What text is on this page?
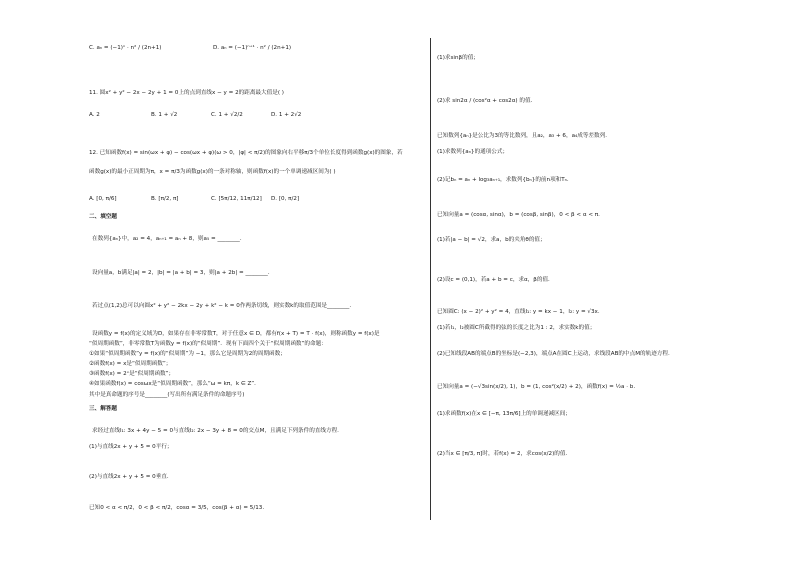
C. aₙ = (−1)ⁿ · n² / (2n+1)	D. aₙ = (−1)ⁿ⁺¹ · n² / (2n+1)
11. 圆x² + y² − 2x − 2y + 1 = 0上的点到直线x − y = 2的距离最大值是( )
A. 2	B. 1 + √2	C. 1 + √2/2	D. 1 + 2√2
12. 已知函数f(x) = sin(ωx + φ) − cos(ωx + φ)(ω > 0，|φ| < π/2)的图象向右平移π/3个单位长度得到函数g(x)的图象，若
函数g(x)的最小正周期为π，x = π/3为函数g(x)的一条对称轴，则函数f(x)的一个单调递减区间为( )
A. [0, π/6]	B. [π/2, π]	C. [5π/12, 11π/12] D. [0, π/2]
二、填空题
在数列{aₙ}中，a₂ = 4，aₙ₊₁ = aₙ + 8，则a₅ = ________.
设向量a，b满足|a| = 2，|b| = |a + b| = 3，则|a + 2b| = ________.
若过点(1,2)总可以向圆x² + y² − 2kx − 2y + k² − k = 0作两条切线，则实数k的取值范围是________.
设函数y = f(x)的定义域为D，如果存在非零常数T，对于任意x ∈ D，都有f(x + T) = T · f(x)，则称函数y = f(x)是
“似周期函数”，非零常数T为函数y = f(x)的“似周期”．现有下面四个关于“似周期函数”的命题：
①如果“似周期函数”y = f(x)的“似周期”为 −1，那么它是周期为2的周期函数；
②函数f(x) = x是“似周期函数”；
③函数f(x) = 2ˣ是“似周期函数”；
④如果函数f(x) = cosωx是“似周期函数”，那么“ω = kπ，k ∈ Z”．
其中是真命题的序号是________(写出所有满足条件的命题序号)
三、解答题
求经过直线l₁: 3x + 4y − 5 = 0与直线l₂: 2x − 3y + 8 = 0的交点M，且满足下列条件的直线方程.
(1)与直线2x + y + 5 = 0平行；
(2)与直线2x + y + 5 = 0垂直．
已知0 < α < π/2，0 < β < π/2，cosα = 3/5，cos(β + α) = 5/13.
(1)求sinβ的值；
(2)求 sin2α / (cos²α + cos2α) 的值．
已知数列{aₙ}是公比为3的等比数列，且a₂，a₃ + 6，a₄成等差数列.
(1)求数列{aₙ}的通项公式；
(2)记bₙ = aₙ + log₃aₙ₊₁，求数列{bₙ}的前n项和Tₙ.
已知向量a = (cosα, sinα)，b = (cosβ, sinβ)，0 < β < α < π.
(1)若|a − b| = √2，求a，b的夹角θ的值；
(2)设c = (0,1)，若a + b = c，求α，β的值．
已知圆C: (x − 2)² + y² = 4，直线l₁: y = kx − 1，l₂: y = √3x.
(1)若l₁，l₂被圆C所截得的弦的长度之比为1 : 2，求实数k的值；
(2)已知线段AB的端点B的坐标是(−2,3)，端点A在圆C上运动，求线段AB的中点M的轨迹方程.
已知向量a = (−√3sin(x/2), 1)，b = (1, cos²(x/2) + 2)，函数f(x) = ½a · b.
(1)求函数f(x)在x ∈ [−π, 13π/6]上的单调递减区间；
(2)当x ∈ [π/3, π]时，若f(x) = 2，求cos(x/2)的值.
